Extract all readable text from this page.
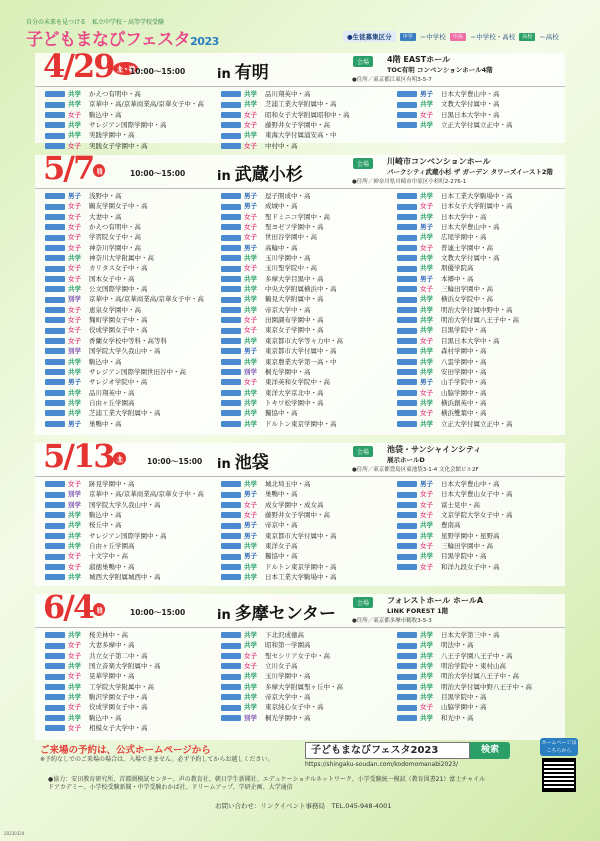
自分の未来を見つける　私立中学校・高等学校受験
子どもまなびフェスタ2023	●生徒募集区分	中学	＝中学校	中高	＝中学校・高校	高校	＝高校
4/29 土・祝
10:00〜15:00 in 有明
会場	4階 EASTホール
TOC有明 コンベンションホール4階
●住所／東京都江東区有明3-5-7
共学	かえつ有明中・高
共学	京華中・高/京華商業高/京華女子中・高
女子	駒込中・高
共学	サレジアン国際学園中・高
共学	実践学園中・高
女子	実践女子学園中・高
共学	品川翔英中・高
共学	芝浦工業大学附属中・高
女子	昭和女子大学附属昭和中・高
女子	藤野井女子学園中・高
共学	東海大学付属浦安高・中
女子	中村中・高
男子	日本大学豊山中・高
共学	文教大学付属中・高
女子	日黒日本大学中・高
共学	立正大学付属立正中・高
5/7 日	10:00〜15:00 in 武蔵小杉
会場	川崎市コンベンションホール
パークシティ武蔵小杉 ザ ガーデン タワーズイースト2階
●住所／神奈川県川崎市中原区小杉町2-276-1
男子	浅野中・高
女子	鷗友学園女子中・高
女子	大妻中・高
女子	かえつ有明中・高
女子	学習院女子中・高
女子	神奈川学園中・高
共学	神奈川大学附属中・高
女子	カリタス女子中・高
女子	国本女子中・高
共学	公文国際学園中・高
別学	京華中・高/京華商業高/京華女子中・高
女子	恵泉女学園中・高
女子	麴町学園女子中・高
女子	佼成学園女子中・高
女子	香蘭女学校中等科・高等科
別学	国学院大学久我山中・高
共学	駒込中・高
共学	サレジアン国際学園世田谷中・高
男子	サレジオ学院中・高
共学	品川翔英中・高
共学	自由ヶ丘学園高
共学	芝浦工業大学附属中・高
男子	巣鴨中・高
男子	逗子開成中・高
男子	成城中・高
女子	聖ドミニコ学園中・高
女子	聖ヨゼフ学園中・高
女子	世田谷学園中・高
男子	高輪中・高
共学	玉川学園中・高
女子	玉川聖学院中・高
共学	多摩大学目黒中・高
共学	中央大学附属横浜中・高
共学	鶴見大学附属中・高
共学	帝京大学中・高
女子	田園調布学園中・高
女子	東京女子学園中・高
共学	東京都市大学等々力中・高
男子	東京都市大学付属中・高
共学	東京農業大学第一高・中
別学	桐光学園中・高
女子	東洋英和女学院中・高
共学	東洋大学京北中・高
共学	トキワ松学園中・高
共学	獨協中・高
共学	ドルトン東京学園中・高
共学	日本工業大学駒場中・高
女子	日本女子大学附属中・高
共学	日本大学中・高
男子	日本大学豊山中・高
共学	広尾学園中・高
女子	普連土学園中・高
共学	文教大学付属中・高
共学	朋優学院高
男子	本郷中・高
女子	三輪田学園中・高
共学	横浜女学院中・高
共学	明治大学付属中野中・高
共学	明治大学付属八王子中・高
共学	目黒学院中・高
女子	目黒日本大学中・高
共学	森村学園中・高
共学	八雲学園中・高
共学	安田学園中・高
男子	山手学院中・高
女子	山脇学園中・高
共学	横浜創英中・高
女子	横浜雙葉中・高
共学	立正大学付属立正中・高
5/13 土	10:00〜15:00 in 池袋
会場	池袋・サンシャインシティ
展示ホールD
●住所／東京都豊島区東池袋3-1-4 文化会館ビル2F
女子	跡見学園中・高
別学	京華中・高/京華商業高/京華女子中・高
別学	国学院大学久我山中・高
共学	駒込中・高
共学	桜丘中・高
共学	サレジアン国際学園中・高
共学	自由ヶ丘学園高
女子	十文字中・高
女子	淑徳巣鴨中・高
共学	城西大学附属城西中・高
共学	城北埼玉中・高
男子	巣鴨中・高
女子	成女学園中・成女高
女子	藤野井女子学園中・高
男子	帝京中・高
男子	東京都市大学付属中・高
共学	東洋女子高
男子	獨協中・高
共学	ドルトン東京学園中・高
共学	日本工業大学駒場中・高
男子	日本大学豊山中・高
女子	日本大学豊山女子中・高
女子	富士見中・高
女子	文京学院大学女子中・高
共学	豊南高
共学	星野学園中・星野高
女子	三輪田学園中・高
共学	目黒学院中・高
女子	和洋九段女子中・高
6/4 日	10:00〜15:00 in 多摩センター
会場	フォレストホール ホールA
LINK FOREST 1階
●住所／東京都多摩市鶴牧3-5-3
共学	桜美林中・高
女子	大妻多摩中・高
女子	共立女子第二中・高
共学	国立音楽大学附属中・高
女子	晃華学園中・高
共学	工学院大学附属中・高
共学	駒沢学園女子中・高
女子	佼成学園女子中・高
共学	駒込中・高
女子	相模女子大学中・高
共学	下北沢成徳高
共学	昭和第一学園高
女子	聖セシリア女子中・高
女子	立川女子高
共学	玉川学園中・高
共学	多摩大学附属聖ヶ丘中・高
共学	帝京大学中・高
共学	東京純心女子中・高
別学	桐光学園中・高
共学	日本大学第三中・高
共学	明法中・高
共学	八王子学園八王子中・高
共学	明治学院中・東村山高
共学	明治大学付属八王子中・高
共学	明治大学付属中野八王子中・高
共学	目黒学院中・高
女子	山脇学園中・高
共学	和光中・高
ご来場の予約は、公式ホームページから
※予約なしでのご来場の場合は、入場できません。必ず予約してからお越しください。
子どもまなびフェスタ2023	検索
https://shingaku-soudan.com/kodomomanabi2023/
ホームページは こちらから
●協力：安田教育研究所、首都圏模試センター、声の教育社、朝日学生新聞社、エデュケーショナルネットワーク、小学受験統一模試（教育図書21）富士チャイルドアカデミー、小学校受験新聞・中学受験わかば社、ドリームアップ、学研企画、大学通信
お問い合わせ：リンクイベント事務局　TEL.045-948-4001
20230324
